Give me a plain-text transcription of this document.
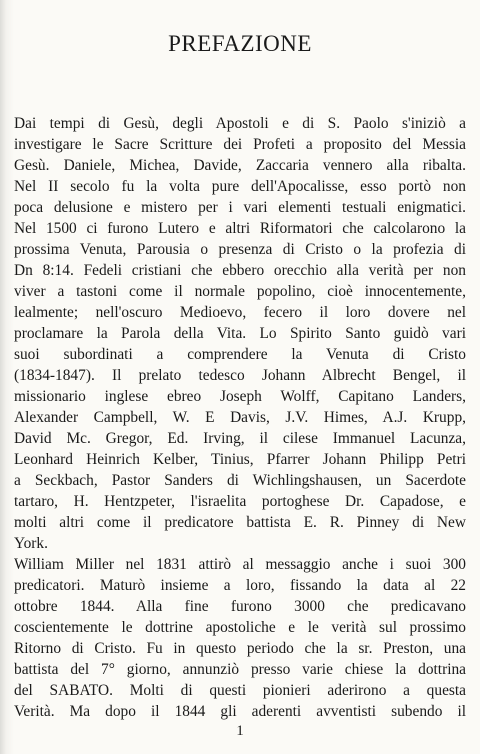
PREFAZIONE
Dai tempi di Gesù, degli Apostoli e di S. Paolo s'iniziò a
investigare le Sacre Scritture dei Profeti a proposito del Messia
Gesù. Daniele, Michea, Davide, Zaccaria vennero alla ribalta.
Nel II secolo fu la volta pure dell'Apocalisse, esso portò non
poca delusione e mistero per i vari elementi testuali enigmatici.
Nel 1500 ci furono Lutero e altri Riformatori che calcolarono la
prossima Venuta, Parousia o presenza di Cristo o la profezia di
Dn 8:14. Fedeli cristiani che ebbero orecchio alla verità per non
viver a tastoni come il normale popolino, cioè innocentemente,
lealmente; nell'oscuro Medioevo, fecero il loro dovere nel
proclamare la Parola della Vita. Lo Spirito Santo guidò vari
suoi subordinati a comprendere la Venuta di Cristo
(1834-1847). Il prelato tedesco Johann Albrecht Bengel, il
missionario inglese ebreo Joseph Wolff, Capitano Landers,
Alexander Campbell, W. E Davis, J.V. Himes, A.J. Krupp,
David Mc. Gregor, Ed. Irving, il cilese Immanuel Lacunza,
Leonhard Heinrich Kelber, Tinius, Pfarrer Johann Philipp Petri
a Seckbach, Pastor Sanders di Wichlingshausen, un Sacerdote
tartaro, H. Hentzpeter, l'israelita portoghese Dr. Capadose, e
molti altri come il predicatore battista E. R. Pinney di New
York.
William Miller nel 1831 attirò al messaggio anche i suoi 300
predicatori. Maturò insieme a loro, fissando la data al 22
ottobre 1844. Alla fine furono 3000 che predicavano
coscientemente le dottrine apostoliche e le verità sul prossimo
Ritorno di Cristo. Fu in questo periodo che la sr. Preston, una
battista del 7° giorno, annunziò presso varie chiese la dottrina
del SABATO. Molti di questi pionieri aderirono a questa
Verità. Ma dopo il 1844 gli aderenti avventisti subendo il
1
